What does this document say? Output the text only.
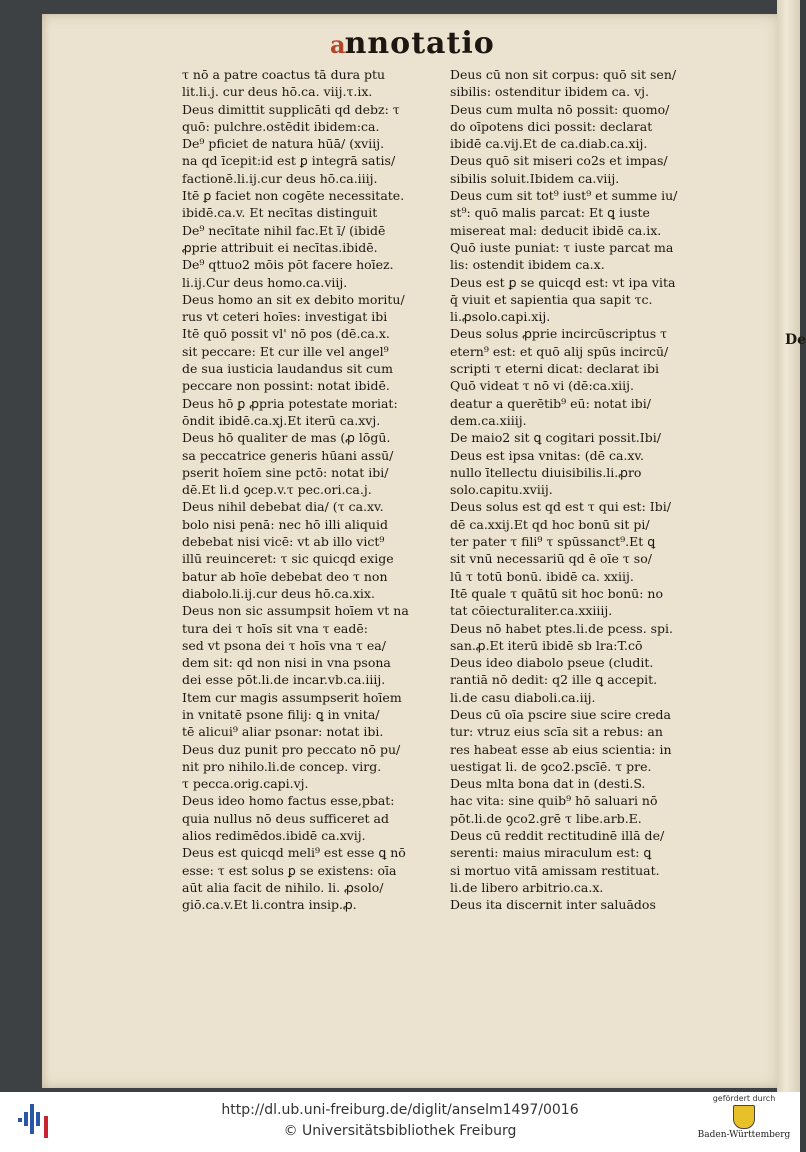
annotatio
τ nō a patre coactus tā dura ptu
lit.li.j. cur deus hō.ca. viij.τ.ix.
Deus dimittit supplicāti qd debz: τ
quō: pulchre.ostēdit ibidem:ca.
De⁹ pficiet de natura hūā/ (xviij.
na qd īcepit:id est ꝑ integrā satis/
factionē.li.ij.cur deus hō.ca.iiij.
Itē ꝑ faciet non cogēte necessitate.
ibidē.ca.v. Et necītas distinguit
De⁹ necītate nihil fac.Et ī/ (ibidē
ꝓprie attribuit ei necītas.ibidē.
De⁹ qttuo2 mōis pōt facere hoīez.
li.ij.Cur deus homo.ca.viij.
Deus homo an sit ex debito moritu/
rus vt ceteri hoīes: investigat ibi
Itē quō possit vl' nō pos (dē.ca.x.
sit peccare: Et cur ille vel angel⁹
de sua iusticia laudandus sit cum
peccare non possint: notat ibidē.
Deus hō ꝑ ꝓpria potestate moriat:
ōndit ibidē.ca.xj.Et iterū ca.xvj.
Deus hō qualiter de mas (ꝓ lōgū.
sa peccatrice generis hūani assū/
pserit hoīem sine pctō: notat ibi/
dē.Et li.d ꝯcep.v.τ pec.ori.ca.j.
Deus nihil debebat dia/ (τ ca.xv.
bolo nisi penā: nec hō illi aliquid
debebat nisi vicē: vt ab illo vict⁹
illū reuinceret: τ sic quicqd exige
batur ab hoīe debebat deo τ non
diabolo.li.ij.cur deus hō.ca.xix.
Deus non sic assumpsit hoīem vt na
tura dei τ hoīs sit vna τ eadē:
sed vt psona dei τ hoīs vna τ ea/
dem sit: qd non nisi in vna psona
dei esse pōt.li.de incar.vb.ca.iiij.
Item cur magis assumpserit hoīem
in vnitatē psone filij: ꝗ in vnita/
tē alicui⁹ aliar psonar: notat ibi.
Deus duz punit pro peccato nō pu/
nit pro nihilo.li.de concep. virg.
τ pecca.orig.capi.vj.
Deus ideo homo factus esse,pbat:
quia nullus nō deus sufficeret ad
alios redimēdos.ibidē ca.xvij.
Deus est quicqd meli⁹ est esse ꝗ nō
esse: τ est solus ꝑ se existens: oīa
aūt alia facit de nihilo. li. ꝓsolo/
giō.ca.v.Et li.contra insip.ꝓ.
Deus cū non sit corpus: quō sit sen/
sibilis: ostenditur ibidem ca. vj.
Deus cum multa nō possit: quomo/
do oīpotens dici possit: declarat
ibidē ca.vij.Et de ca.diab.ca.xij.
Deus quō sit miseri co2s et impas/
sibilis soluit.Ibidem ca.viij.
Deus cum sit tot⁹ iust⁹ et summe iu/
st⁹: quō malis parcat: Et ꝗ iuste
misereat mal: deducit ibidē ca.ix.
Quō iuste puniat: τ iuste parcat ma
lis: ostendit ibidem ca.x.
Deus est ꝑ se quicqd est: vt ipa vita
q̄ viuit et sapientia qua sapit τc.
li.ꝓsolo.capi.xij.
Deus solus ꝓprie incircūscriptus τ
etern⁹ est: et quō alij spūs incircū/
scripti τ eterni dicat: declarat ibi
Quō videat τ nō vi (dē:ca.xiij.
deatur a querētib⁹ eū: notat ibi/
dem.ca.xiiij.
De maio2 sit ꝗ cogitari possit.Ibi/
Deus est ipsa vnitas: (dē ca.xv.
nullo ītellectu diuisibilis.li.ꝓro
solo.capitu.xviij.
Deus solus est qd est τ qui est: Ibi/
dē ca.xxij.Et qd hoc bonū sit pi/
ter pater τ fili⁹ τ spūssanct⁹.Et ꝗ
sit vnū necessariū qd ē oīe τ so/
lū τ totū bonū. ibidē ca. xxiij.
Itē quale τ quātū sit hoc bonū: no
tat cōiecturaliter.ca.xxiiij.
Deus nō habet ptes.li.de pcess. spi.
san.ꝓ.Et iterū ibidē sb lra:T.cō
Deus ideo diabolo pseue (cludit.
rantiā nō dedit: q2 ille ꝗ accepit.
li.de casu diaboli.ca.iij.
Deus cū oīa pscire siue scire creda
tur: vtruz eius scīa sit a rebus: an
res habeat esse ab eius scientia: in
uestigat li. de ꝯco2.pscīē. τ pre.
Deus mlta bona dat in (desti.S.
hac vita: sine quib⁹ hō saluari nō
pōt.li.de ꝯco2.grē τ libe.arb.E.
Deus cū reddit rectitudinē illā de/
serenti: maius miraculum est: ꝗ
si mortuo vitā amissam restituat.
li.de libero arbitrio.ca.x.
Deus ita discernit inter saluādos
De
http://dl.ub.uni-freiburg.de/diglit/anselm1497/0016
© Universitätsbibliothek Freiburg
gefördert durch
Baden-Württemberg
